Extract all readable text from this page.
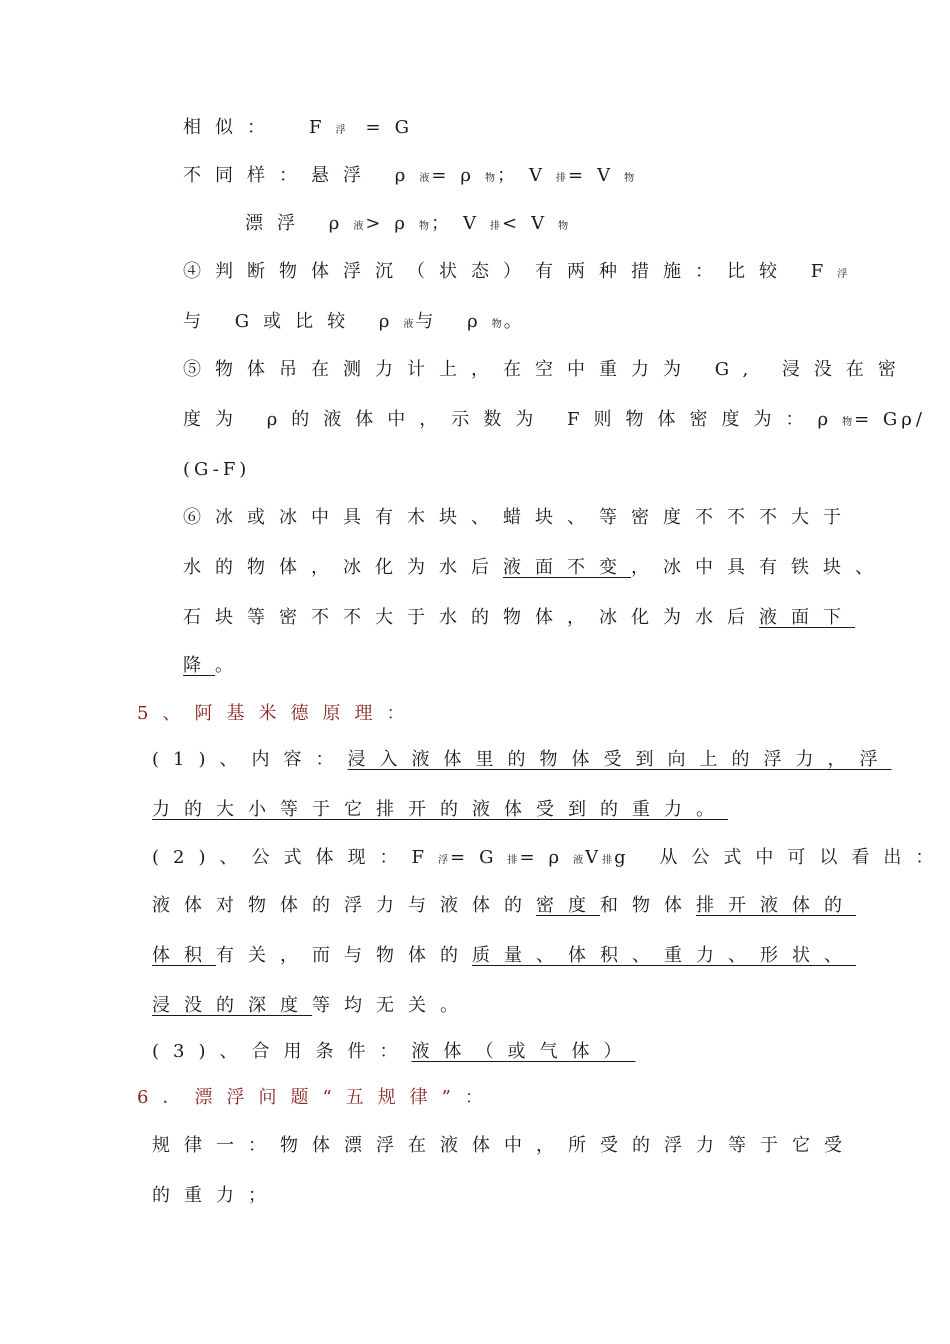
相似： F浮 =G
不同样：悬浮 ρ液=ρ物；V排=V物
漂浮 ρ液>ρ物；V排<V物
④判断物体浮沉（状态）有两种措施：比较 F浮
与 G或比较 ρ液与 ρ物。
⑤物体吊在测力计上，在空中重力为 G, 浸没在密
度为 ρ的液体中，示数为 F则物体密度为：ρ物= Gρ/
(G-F)
⑥冰或冰中具有木块、蜡块、等密度不不不大于
水的物体，冰化为水后液面不变，冰中具有铁块、
石块等密不不大于水的物体，冰化为水后液面下
降。
5、阿基米德原理：
(1)、内容：浸入液体里的物体受到向上的浮力，浮
力的大小等于它排开的液体受到的重力。
(2)、公式体现：F浮=G排=ρ液V排g 从公式中可以看出：
液体对物体的浮力与液体的密度和物体排开液体的
体积有关，而与物体的质量、体积、重力、形状、
浸没的深度等均无关。
(3)、合用条件：液体（或气体）
6．漂浮问题“五规律”：
规律一：物体漂浮在液体中，所受的浮力等于它受
的重力；
